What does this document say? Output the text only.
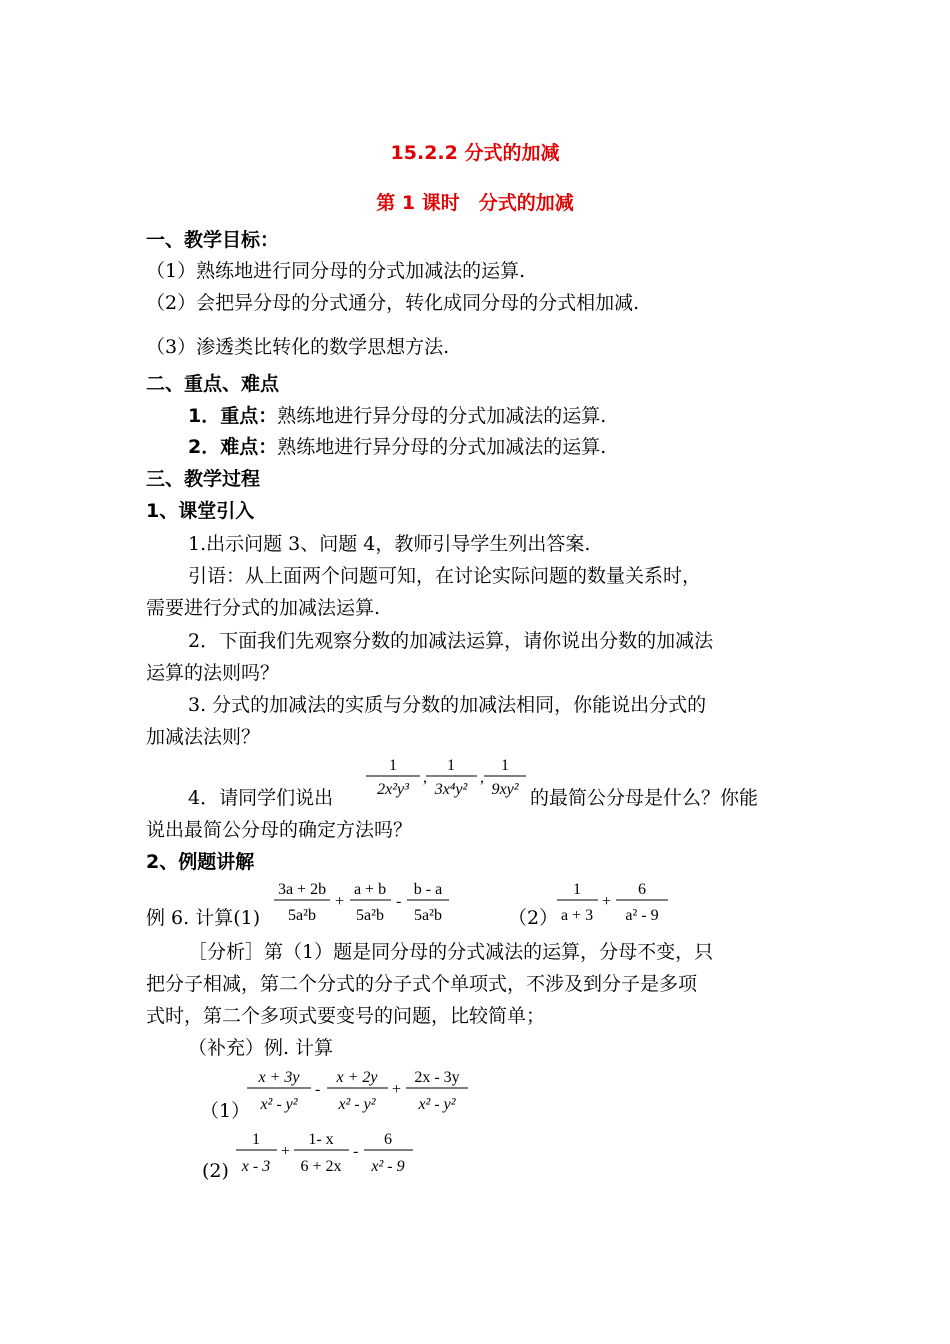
15.2.2 分式的加减
第 1 课时　分式的加减
一、教学目标：
（1）熟练地进行同分母的分式加减法的运算.
（2）会把异分母的分式通分，转化成同分母的分式相加减.
（3）渗透类比转化的数学思想方法.
二、重点、难点
1．重点：熟练地进行异分母的分式加减法的运算.
2．难点：熟练地进行异分母的分式加减法的运算.
三、教学过程
1、课堂引入
1.出示问题 3、问题 4，教师引导学生列出答案.
引语：从上面两个问题可知，在讨论实际问题的数量关系时，
需要进行分式的加减法运算.
2．下面我们先观察分数的加减法运算，请你说出分数的加减法
运算的法则吗？
3. 分式的加减法的实质与分数的加减法相同，你能说出分式的
加减法法则？
4．请同学们说出
1
2x²y³
,
1
3x⁴y²
,
1
9xy² 的最简公分母是什么？你能
说出最简公分母的确定方法吗？
2、例题讲解
例 6. 计算(1)
3a + 2b
5a²b
+
a + b
5a²b
-
b - a
5a²b	（2）
1
a + 3
+
6
a² - 9
［分析］第（1）题是同分母的分式减法的运算，分母不变，只
把分子相减，第二个分式的分子式个单项式，不涉及到分子是多项
式时，第二个多项式要变号的问题，比较简单；
（补充）例. 计算
（1）
x + 3y
x² - y²
-
x + 2y
x² - y²
+
2x - 3y
x² - y²
(2)
1
x - 3
+
1- x
6 + 2x
-
6
x² - 9
